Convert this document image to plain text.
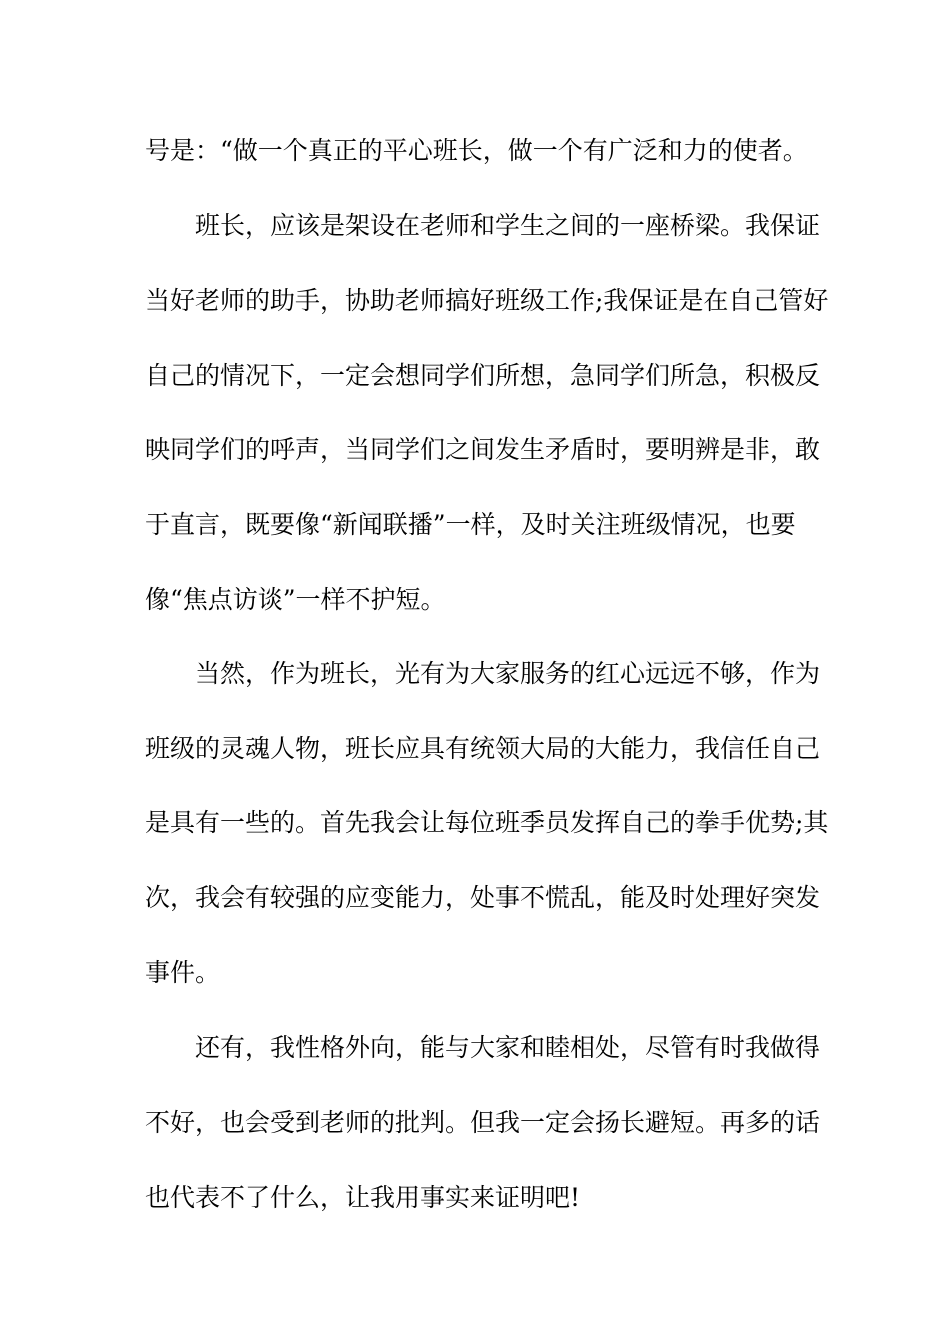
号是：“做一个真正的平心班长，做一个有广泛和力的使者。
班长，应该是架设在老师和学生之间的一座桥梁。我保证
当好老师的助手，协助老师搞好班级工作;我保证是在自己管好
自己的情况下，一定会想同学们所想，急同学们所急，积极反
映同学们的呼声，当同学们之间发生矛盾时，要明辨是非，敢
于直言，既要像“新闻联播”一样，及时关注班级情况，也要
像“焦点访谈”一样不护短。
当然，作为班长，光有为大家服务的红心远远不够，作为
班级的灵魂人物，班长应具有统领大局的大能力，我信任自己
是具有一些的。首先我会让每位班季员发挥自己的拳手优势;其
次，我会有较强的应变能力，处事不慌乱，能及时处理好突发
事件。
还有，我性格外向，能与大家和睦相处，尽管有时我做得
不好，也会受到老师的批判。但我一定会扬长避短。再多的话
也代表不了什么，让我用事实来证明吧!
